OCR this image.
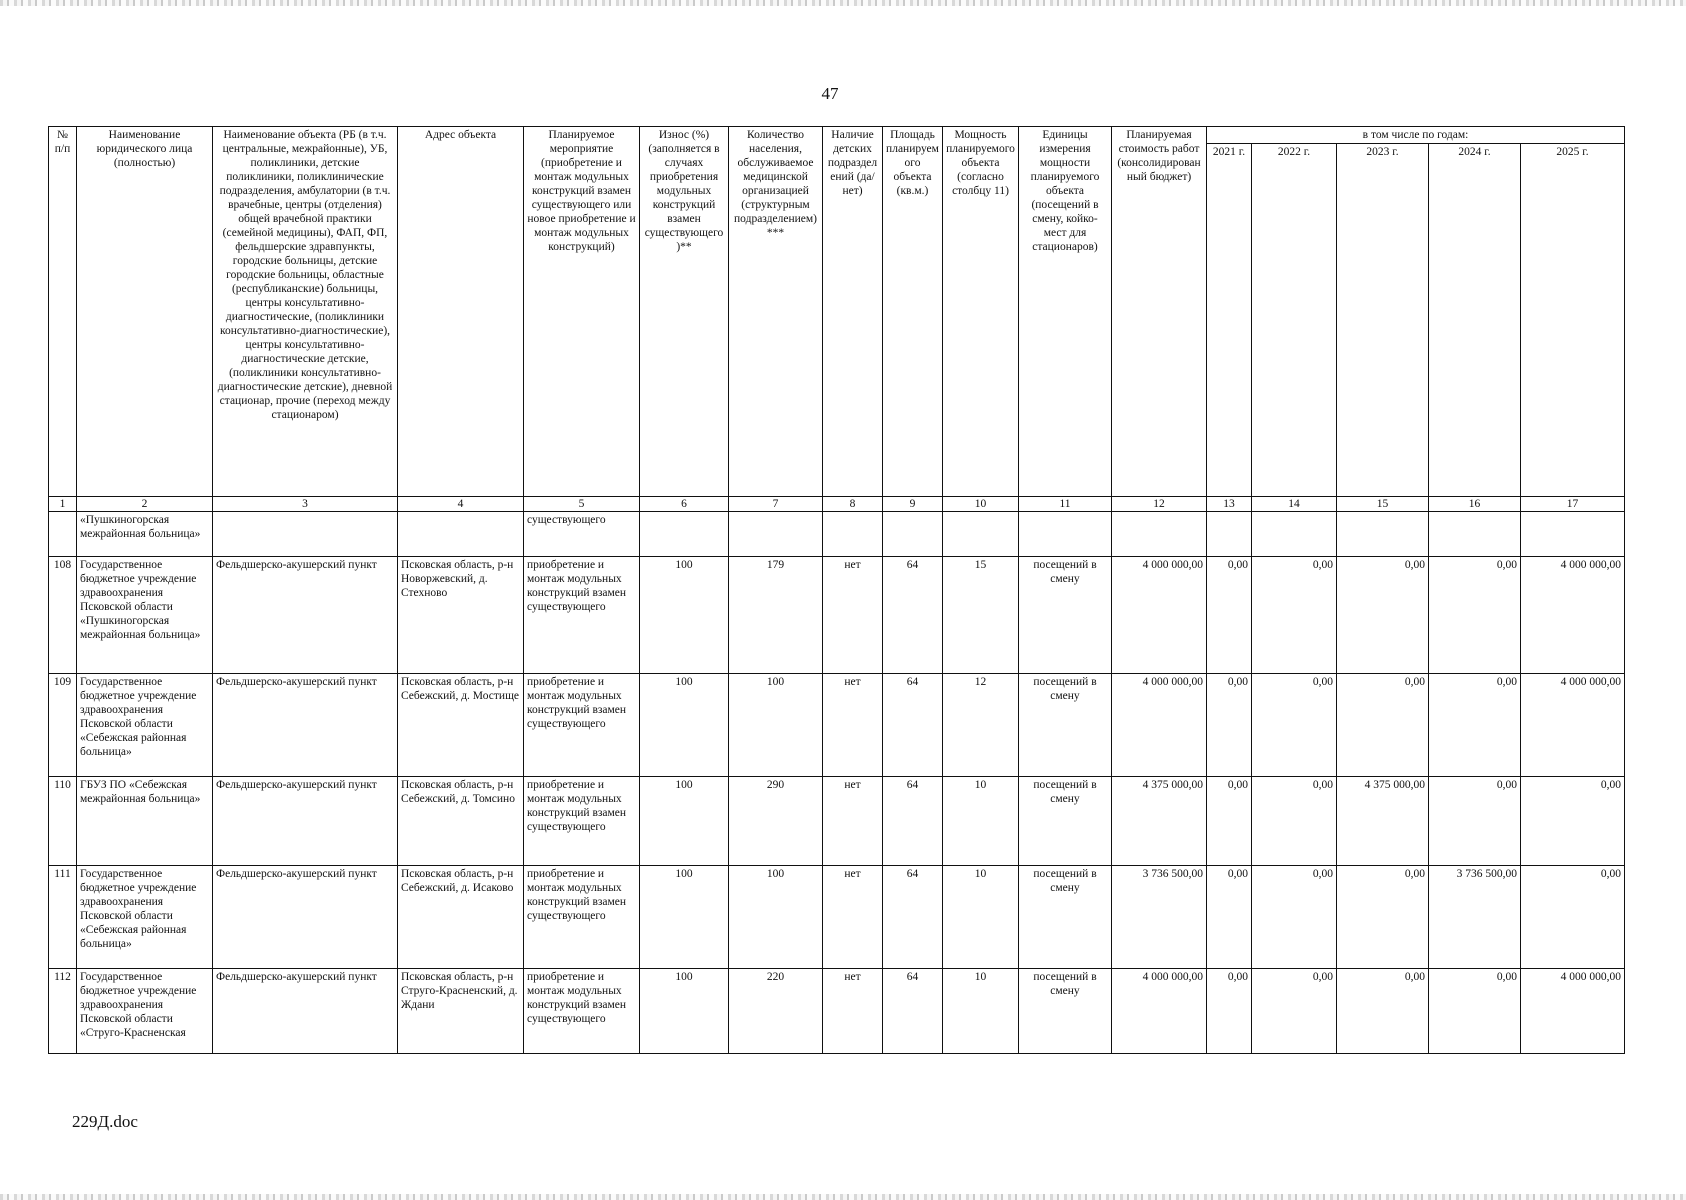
47
№ п/п	Наименование юридического лица (полностью)	Наименование объекта (РБ (в т.ч. центральные, межрайонные), УБ, поликлиники, детские поликлиники, поликлинические подразделения, амбулатории (в т.ч. врачебные, центры (отделения) общей врачебной практики (семейной медицины), ФАП, ФП, фельдшерские здравпункты, городские больницы, детские городские больницы, областные (республиканские) больницы, центры консультативно-диагностические, (поликлиники консультативно-диагностические), центры консультативно-диагностические детские, (поликлиники консультативно-диагностические детские), дневной стационар, прочие (переход между стационаром)	Адрес объекта	Планируемое мероприятие (приобретение и монтаж модульных конструкций взамен существующего или новое приобретение и монтаж модульных конструкций)	Износ (%) (заполняется в случаях приобретения модульных конструкций взамен существующего)**	Количество населения, обслуживаемое медицинской организацией (структурным подразделением)***	Наличие детских подразделений (да/нет)	Площадь планируемого объекта (кв.м.)	Мощность планируемого объекта (согласно столбцу 11)	Единицы измерения мощности планируемого объекта (посещений в смену, койко-мест для стационаров)	Планируемая стоимость работ (консолидированный бюджет)	в том числе по годам:				
												2021 г.	2022 г.	2023 г.	2024 г.	2025 г.
1	2	3	4	5	6	7	8	9	10	11	12	13	14	15	16	17
	«Пушкиногорская межрайонная больница»			существующего												
108	Государственное бюджетное учреждение здравоохранения Псковской области «Пушкиногорская межрайонная больница»	Фельдшерско-акушерский пункт	Псковская область, р-н Новоржевский, д. Стехново	приобретение и монтаж модульных конструкций взамен существующего	100	179	нет	64	15	посещений в смену	4 000 000,00	0,00	0,00	0,00	0,00	4 000 000,00
109	Государственное бюджетное учреждение здравоохранения Псковской области «Себежская районная больница»	Фельдшерско-акушерский пункт	Псковская область, р-н Себежский, д. Мостище	приобретение и монтаж модульных конструкций взамен существующего	100	100	нет	64	12	посещений в смену	4 000 000,00	0,00	0,00	0,00	0,00	4 000 000,00
110	ГБУЗ ПО «Себежская межрайонная больница»	Фельдшерско-акушерский пункт	Псковская область, р-н Себежский, д. Томсино	приобретение и монтаж модульных конструкций взамен существующего	100	290	нет	64	10	посещений в смену	4 375 000,00	0,00	0,00	4 375 000,00	0,00	0,00
111	Государственное бюджетное учреждение здравоохранения Псковской области «Себежская районная больница»	Фельдшерско-акушерский пункт	Псковская область, р-н Себежский, д. Исаково	приобретение и монтаж модульных конструкций взамен существующего	100	100	нет	64	10	посещений в смену	3 736 500,00	0,00	0,00	0,00	3 736 500,00	0,00
112	Государственное бюджетное учреждение здравоохранения Псковской области «Струго-Красненская	Фельдшерско-акушерский пункт	Псковская область, р-н Струго-Красненский, д. Ждани	приобретение и монтаж модульных конструкций взамен существующего	100	220	нет	64	10	посещений в смену	4 000 000,00	0,00	0,00	0,00	0,00	4 000 000,00
229Д.doc
